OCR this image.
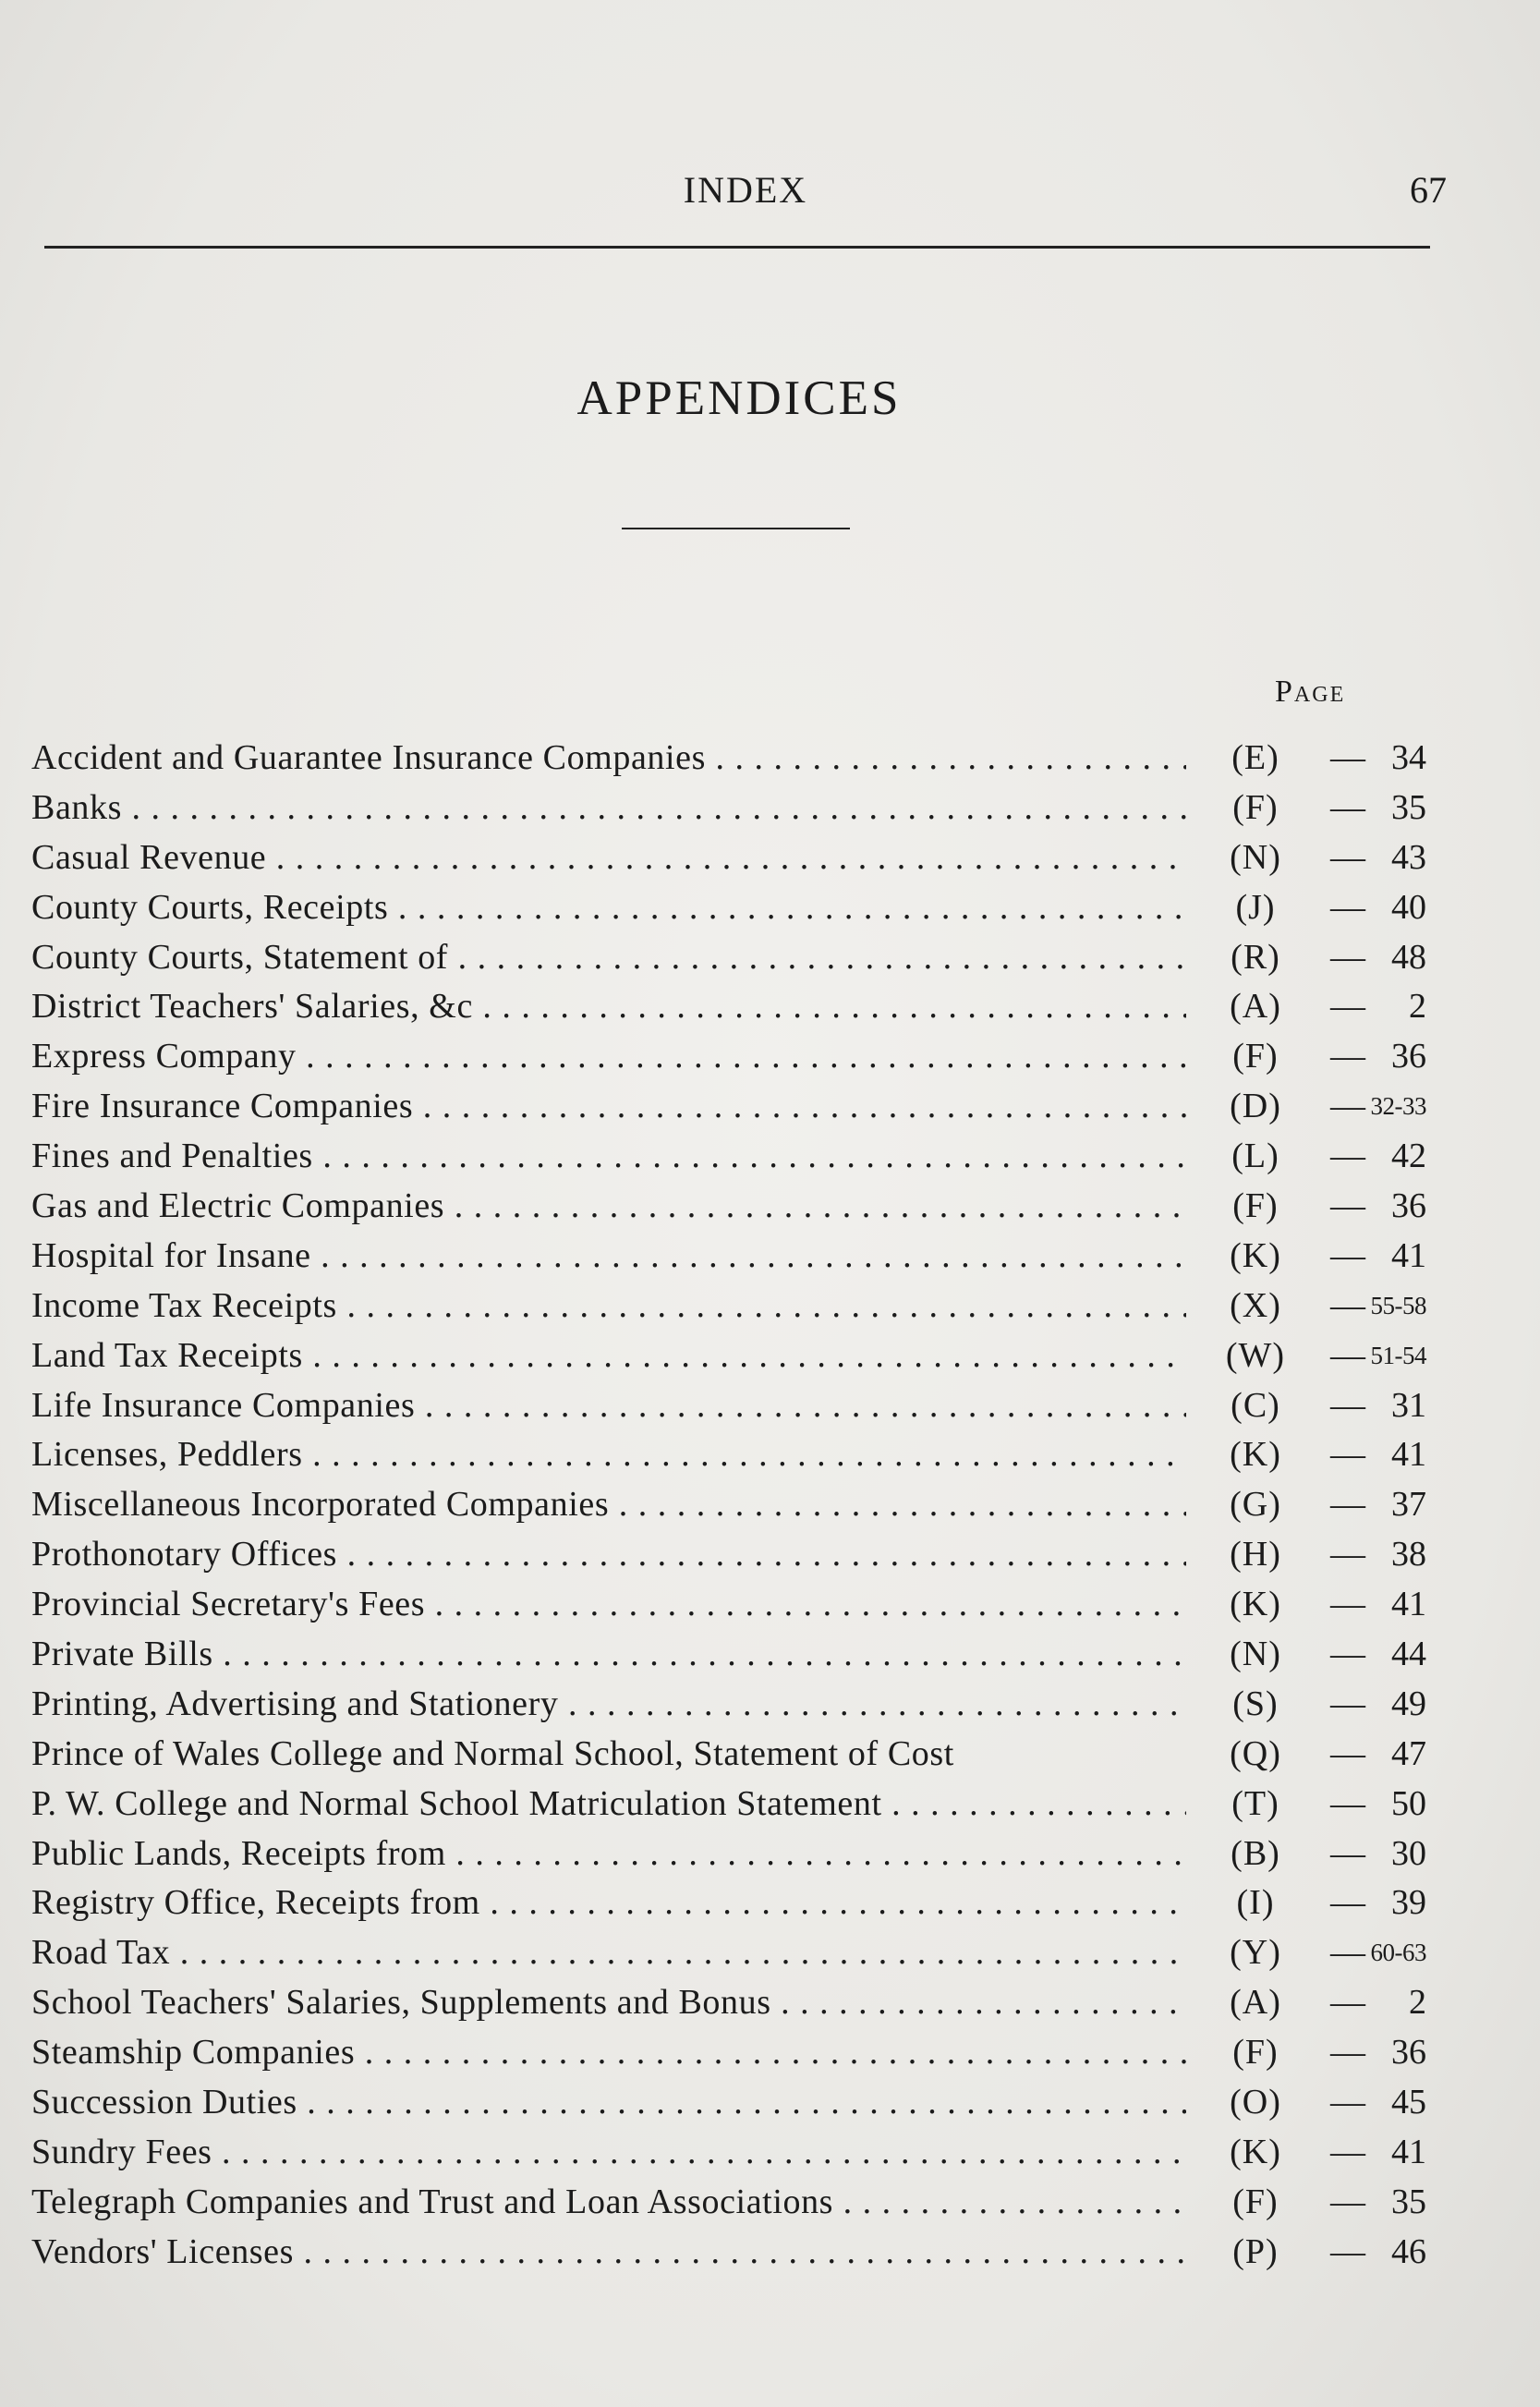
INDEX	67
APPENDICES
Page
Accident and Guarantee Insurance Companies . . .	(E)	— 34
Banks . . .	(F)	— 35
Casual Revenue . . .	(N)	— 43
County Courts, Receipts . . .	(J)	— 40
County Courts, Statement of . . .	(R)	— 48
District Teachers' Salaries, &c . . .	(A)	—	2
Express Company . . .	(F)	— 36
Fire Insurance Companies . . .	(D)	— 32-33
Fines and Penalties . . .	(L)	— 42
Gas and Electric Companies . . .	(F)	— 36
Hospital for Insane . . .	(K)	— 41
Income Tax Receipts . . .	(X)	— 55-58
Land Tax Receipts . . .	(W)	— 51-54
Life Insurance Companies . . .	(C)	— 31
Licenses, Peddlers . . .	(K)	— 41
Miscellaneous Incorporated Companies . . .	(G)	— 37
Prothonotary Offices . . .	(H)	— 38
Provincial Secretary's Fees . . .	(K)	— 41
Private Bills . . .	(N)	— 44
Printing, Advertising and Stationery . . .	(S)	— 49
Prince of Wales College and Normal School, Statement of Cost	(Q)	— 47
P. W. College and Normal School Matriculation Statement . . .	(T)	— 50
Public Lands, Receipts from . . .	(B)	— 30
Registry Office, Receipts from . . .	(I)	— 39
Road Tax . . .	(Y)	— 60-63
School Teachers' Salaries, Supplements and Bonus . . .	(A)	—	2
Steamship Companies . . .	(F)	— 36
Succession Duties . . .	(O)	— 45
Sundry Fees . . .	(K)	— 41
Telegraph Companies and Trust and Loan Associations . . .	(F)	— 35
Vendors' Licenses . . .	(P)	— 46
